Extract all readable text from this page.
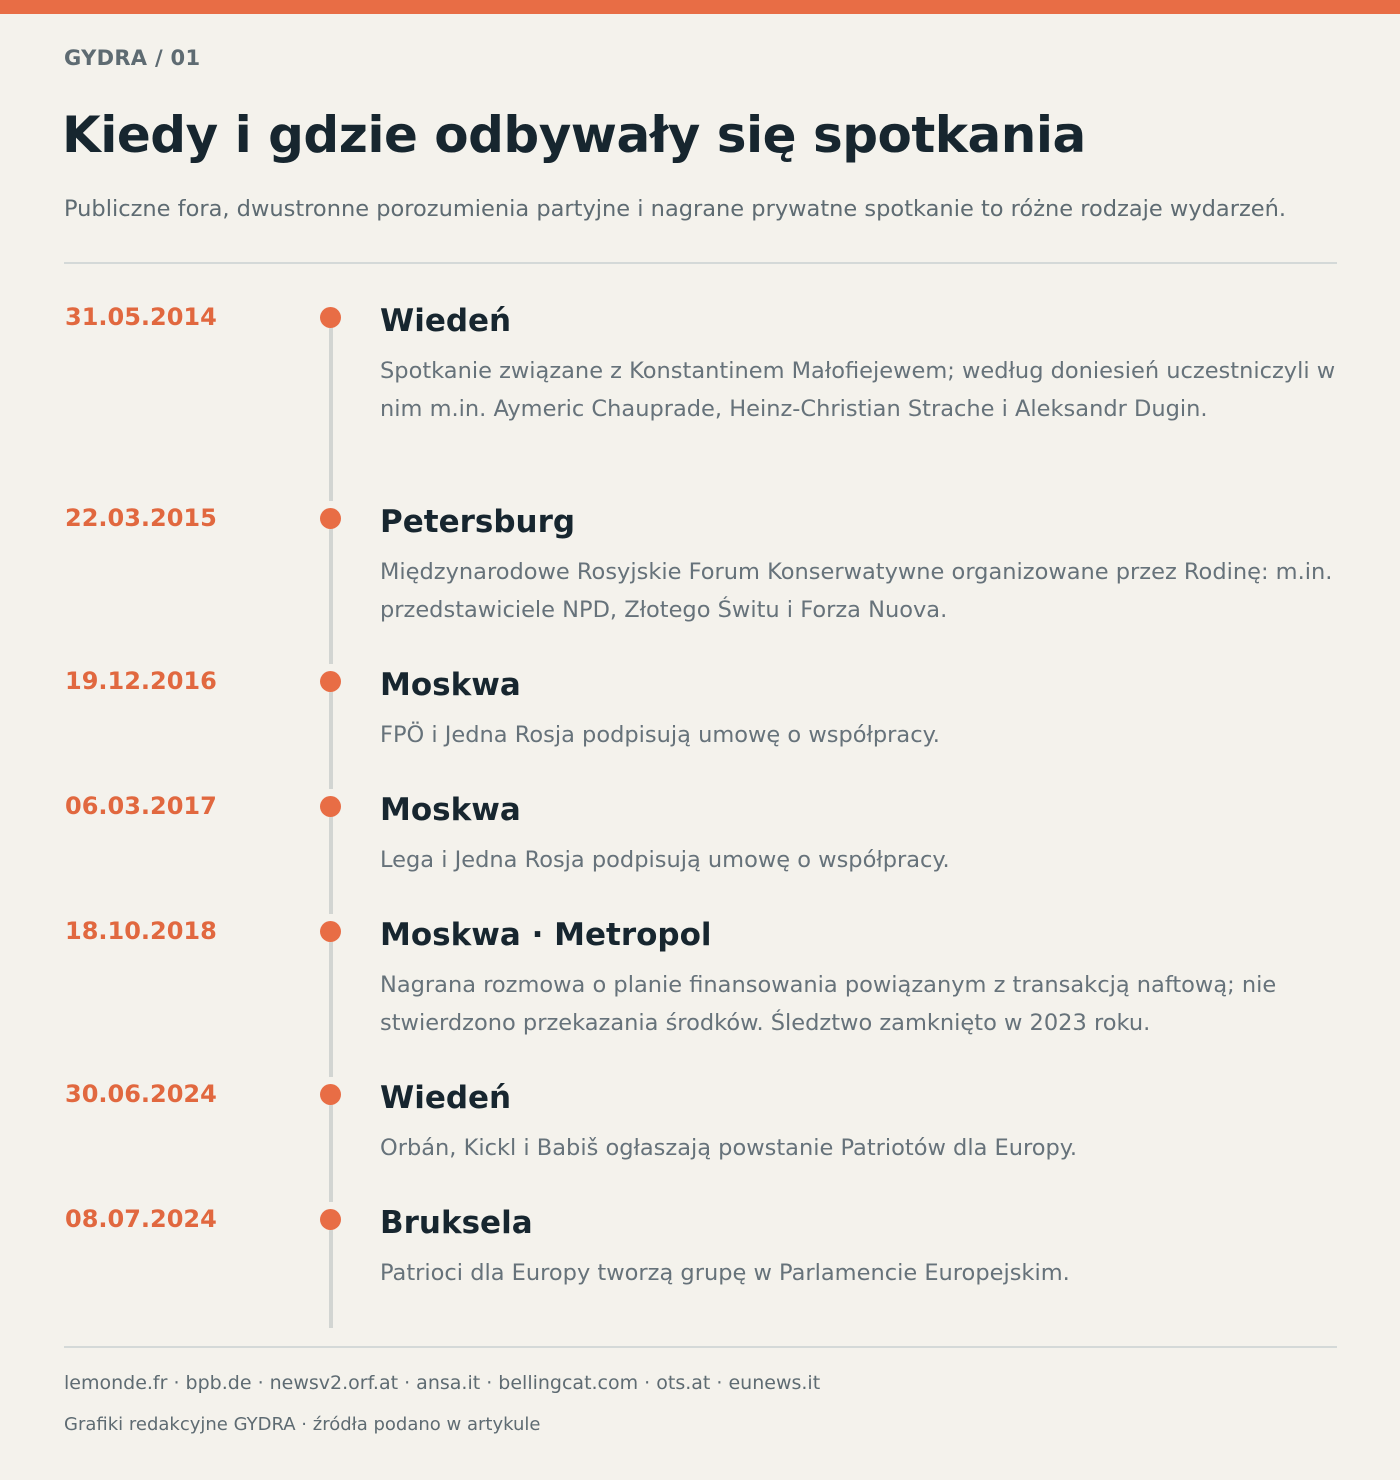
GYDRA / 01
Kiedy i gdzie odbywały się spotkania

Publiczne fora, dwustronne porozumienia partyjne i nagrane prywatne spotkanie to różne rodzaje wydarzeń.

31.05.2014	Wiedeń
Spotkanie związane z Konstantinem Małofiejewem; według doniesień uczestniczyli w nim m.in. Aymeric Chauprade, Heinz-Christian Strache i Aleksandr Dugin.
22.03.2015	Petersburg
Międzynarodowe Rosyjskie Forum Konserwatywne organizowane przez Rodinę: m.in. przedstawiciele NPD, Złotego Świtu i Forza Nuova.
19.12.2016	Moskwa
FPÖ i Jedna Rosja podpisują umowę o współpracy.
06.03.2017	Moskwa
Lega i Jedna Rosja podpisują umowę o współpracy.
18.10.2018	Moskwa · Metropol
Nagrana rozmowa o planie finansowania powiązanym z transakcją naftową; nie stwierdzono przekazania środków. Śledztwo zamknięto w 2023 roku.
30.06.2024	Wiedeń
Orbán, Kickl i Babiš ogłaszają powstanie Patriotów dla Europy.
08.07.2024	Bruksela
Patrioci dla Europy tworzą grupę w Parlamencie Europejskim.
lemonde.fr · bpb.de · newsv2.orf.at · ansa.it · bellingcat.com · ots.at · eunews.it
Grafiki redakcyjne GYDRA · źródła podano w artykule
